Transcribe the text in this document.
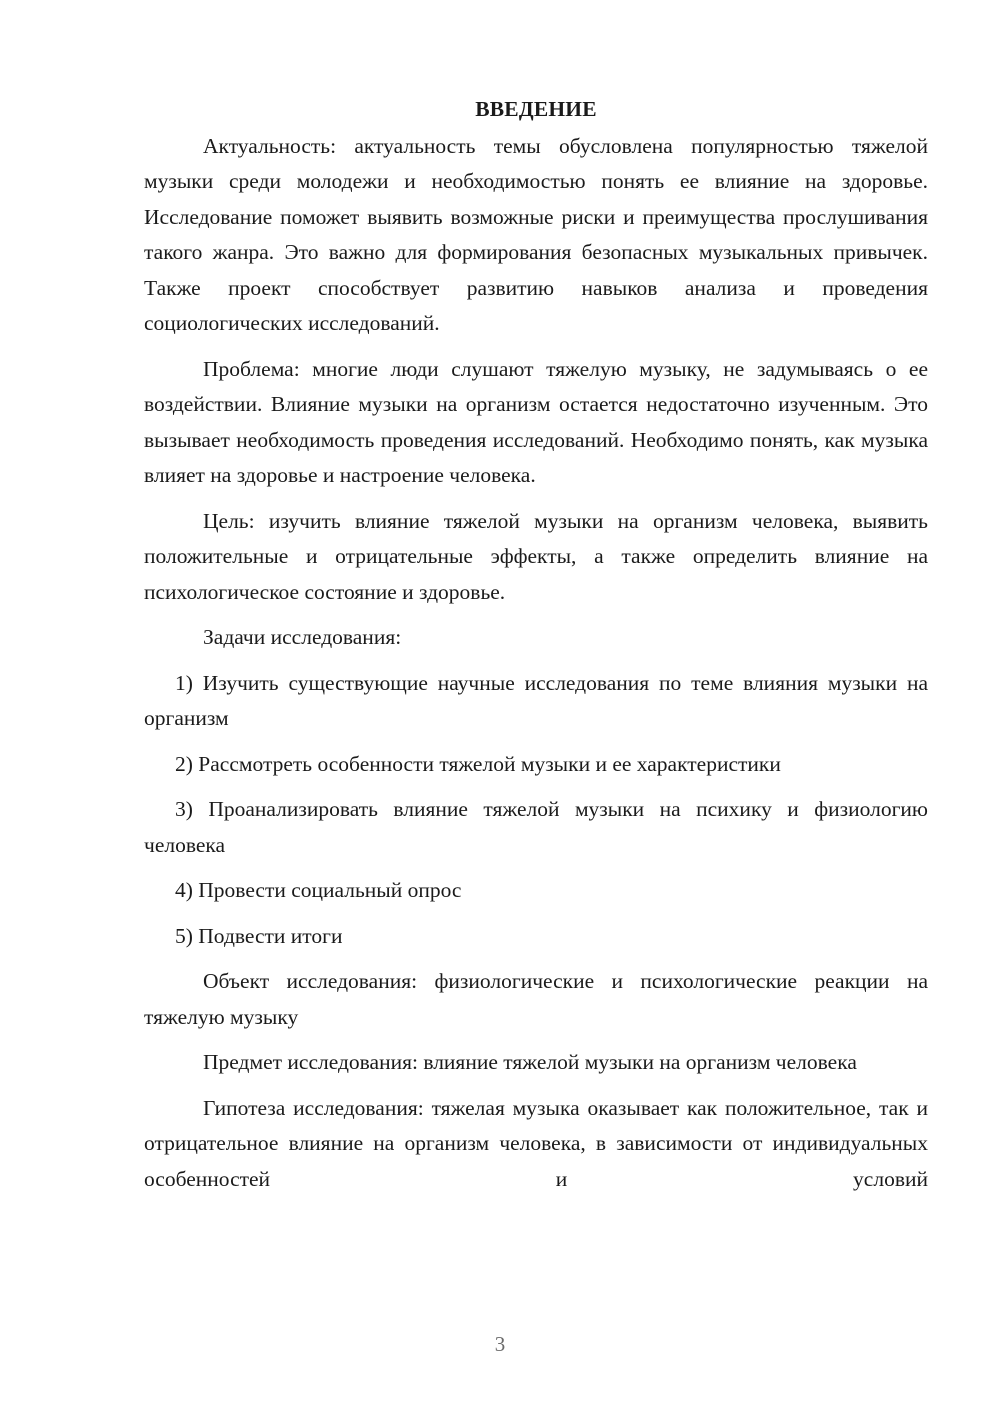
ВВЕДЕНИЕ

Актуальность: актуальность темы обусловлена популярностью тяжелой музыки среди молодежи и необходимостью понять ее влияние на здоровье. Исследование поможет выявить возможные риски и преимущества прослушивания такого жанра. Это важно для формирования безопасных музыкальных привычек. Также проект способствует развитию навыков анализа и проведения социологических исследований.

Проблема: многие люди слушают тяжелую музыку, не задумываясь о ее воздействии. Влияние музыки на организм остается недостаточно изученным. Это вызывает необходимость проведения исследований. Необходимо понять, как музыка влияет на здоровье и настроение человека.

Цель: изучить влияние тяжелой музыки на организм человека, выявить положительные и отрицательные эффекты, а также определить влияние на психологическое состояние и здоровье.

Задачи исследования:

1) Изучить существующие научные исследования по теме влияния музыки на организм

2) Рассмотреть особенности тяжелой музыки и ее характеристики

3) Проанализировать влияние тяжелой музыки на психику и физиологию человека

4) Провести социальный опрос

5) Подвести итоги

Объект исследования: физиологические и психологические реакции на тяжелую музыку

Предмет исследования: влияние тяжелой музыки на организм человека

Гипотеза исследования: тяжелая музыка оказывает как положительное, так и отрицательное влияние на организм человека, в зависимости от индивидуальных особенностей и условий

3
